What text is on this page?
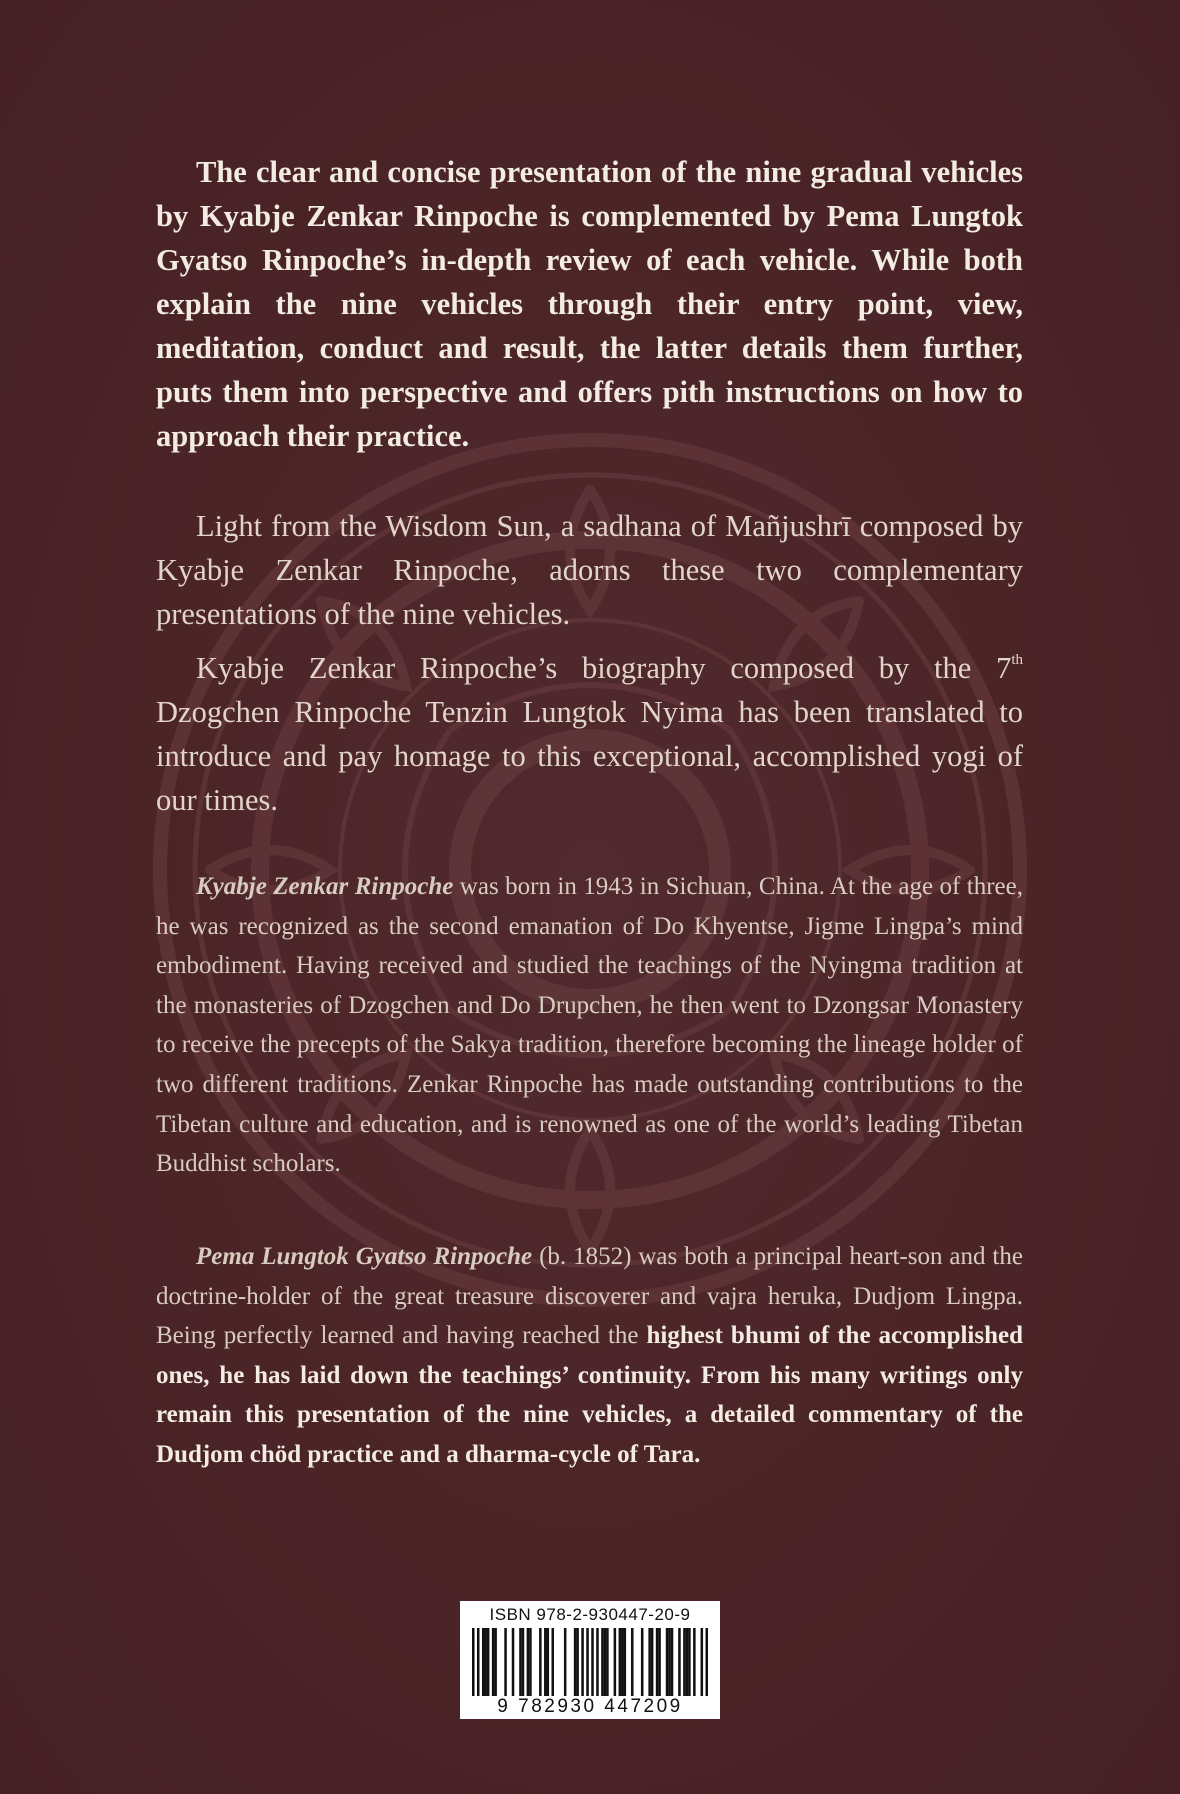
The clear and concise presentation of the nine gradual vehicles by Kyabje Zenkar Rinpoche is complemented by Pema Lungtok Gyatso Rinpoche’s in-depth review of each vehicle. While both explain the nine vehicles through their entry point, view, meditation, conduct and result, the latter details them further, puts them into perspective and offers pith instructions on how to approach their practice.

Light from the Wisdom Sun, a sadhana of Mañjushrī composed by Kyabje Zenkar Rinpoche, adorns these two complementary presentations of the nine vehicles.

Kyabje Zenkar Rinpoche’s biography composed by the 7th Dzogchen Rinpoche Tenzin Lungtok Nyima has been translated to introduce and pay homage to this exceptional, accomplished yogi of our times.

Kyabje Zenkar Rinpoche was born in 1943 in Sichuan, China. At the age of three, he was recognized as the second emanation of Do Khyentse, Jigme Lingpa’s mind embodiment. Having received and studied the teachings of the Nyingma tradition at the monasteries of Dzogchen and Do Drupchen, he then went to Dzongsar Monastery to receive the precepts of the Sakya tradition, therefore becoming the lineage holder of two different traditions. Zenkar Rinpoche has made outstanding contributions to the Tibetan culture and education, and is renowned as one of the world’s leading Tibetan Buddhist scholars.

Pema Lungtok Gyatso Rinpoche (b. 1852) was both a principal heart-son and the doctrine-holder of the great treasure discoverer and vajra heruka, Dudjom Lingpa. Being perfectly learned and having reached the highest bhumi of the accomplished ones, he has laid down the teachings’ continuity. From his many writings only remain this presentation of the nine vehicles, a detailed commentary of the Dudjom chöd practice and a dharma-cycle of Tara.

ISBN 978-2-930447-20-9
9 782930 447209
